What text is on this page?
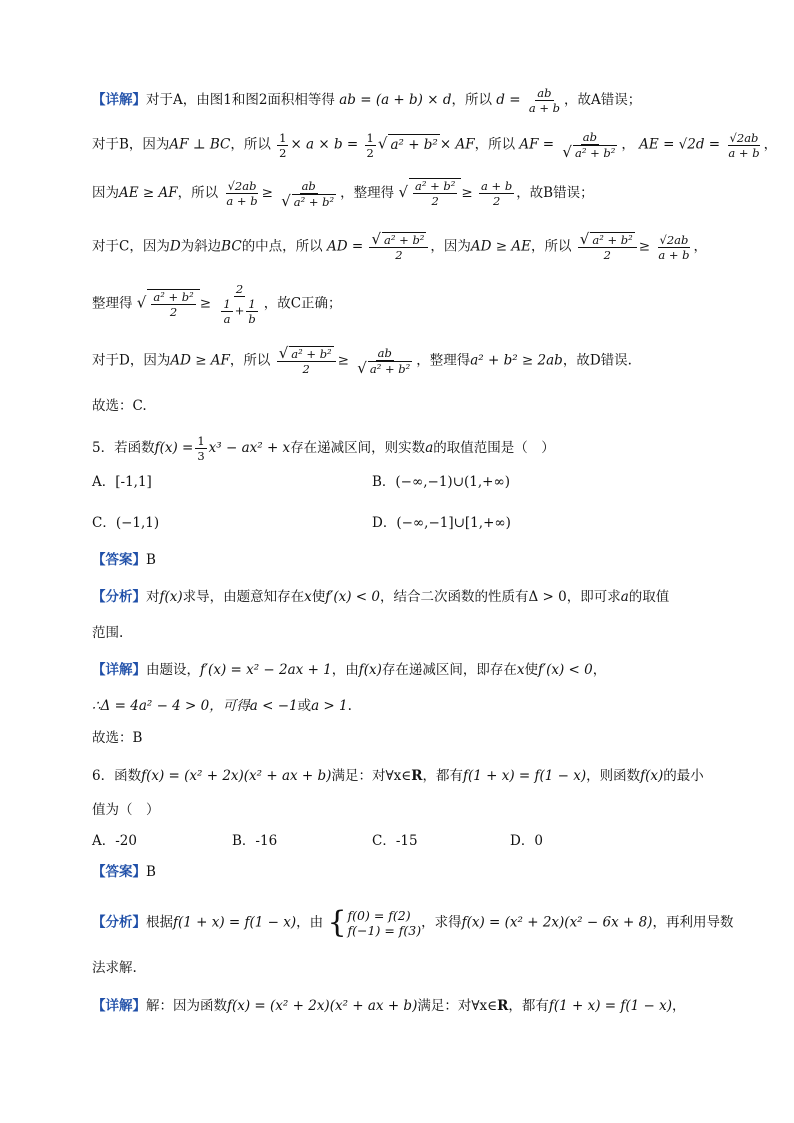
【详解】对于A，由图1和图2面积相等得 ab = (a + b) × d，所以 $d = \frac{ab}{a + b}$ ，故A错误；
对于B，因为AF ⊥ BC，所以 $\frac{1}{2} \times a \times b = \frac{1}{2}$ √ a² + b² × AF，所以 AF = $\frac{ab}{\text{√ a² + b²}}$ ， AE = $√2d = \frac{√2ab}{a + b}$ ，
因为AE ≥ AF，所以 $\frac{√2ab}{a + b} \ge \frac{ab}{\text{√ a² + b²}}$ ，整理得 √ $\frac{\text{a² + b²}}{2} \ge \frac{a + b}{2}$ ，故B错误；
对于C，因为D为斜边BC的中点，所以 AD = $\frac{\text{√ a² + b²}}{2}$ ，因为AD ≥ AE，所以 $\frac{\text{√ a² + b²}}{2} \ge \frac{√2ab}{a + b}$ ，
整理得 √ $\frac{\text{a² + b²}}{2} \ge \frac{2}{\frac{1}{a} + \frac{1}{b}}$ ，故C正确；
对于D，因为AD ≥ AF，所以 $\frac{\text{√ a² + b²}}{2} \ge \frac{ab}{\text{√ a² + b²}}$ ，整理得a² + b² ≥ 2ab，故D错误.
故选：C.
5．若函数$f(x) = \frac{1}{3} x^3 - ax^2 + x$存在递减区间，则实数a的取值范围是（　）
A．[-1,1]	B．(−∞,−1)∪(1,+∞)
C．(−1,1)	D．(−∞,−1]∪[1,+∞)
【答案】B
【分析】对f(x)求导，由题意知存在x使f′(x) < 0，结合二次函数的性质有Δ > 0，即可求a的取值
范围.
【详解】由题设，f′(x) = x² − 2ax + 1，由f(x)存在递减区间，即存在x使f′(x) < 0，
∴Δ = 4a² − 4 > 0，可得a < −1或a > 1.
故选：B
6．函数f(x) = (x² + 2x)(x² + ax + b)满足：对∀x∈R，都有f(1 + x) = f(1 − x)，则函数f(x)的最小
值为（　）
A．-20	B．-16	C．-15	D．0
【答案】B
【分析】根据f(1 + x) = f(1 − x)，由 { f(0) = f(2)
f(−1) = f(3) ，求得f(x) = (x² + 2x)(x² − 6x + 8)，再利用导数
法求解.
【详解】解：因为函数f(x) = (x² + 2x)(x² + ax + b)满足：对∀x∈R，都有f(1 + x) = f(1 − x)，
